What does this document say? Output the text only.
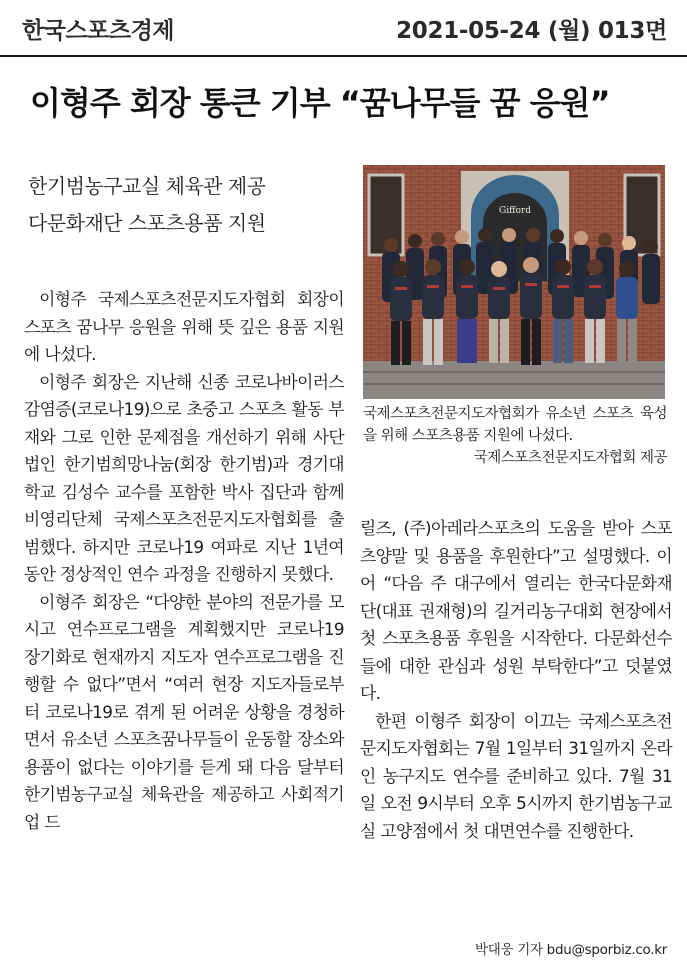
한국스포츠경제	2021-05-24 (월) 013면
이형주 회장 통큰 기부 “꿈나무들 꿈 응원”
한기범농구교실 체육관 제공
다문화재단 스포츠용품 지원

이형주 국제스포츠전문지도자협회 회장이 스포츠 꿈나무 응원을 위해 뜻 깊은 용품 지원에 나섰다.

이형주 회장은 지난해 신종 코로나바이러스 감염증(코로나19)으로 초중고 스포츠 활동 부재와 그로 인한 문제점을 개선하기 위해 사단법인 한기범희망나눔(회장 한기범)과 경기대학교 김성수 교수를 포함한 박사 집단과 함께 비영리단체 국제스포츠전문지도자협회를 출범했다. 하지만 코로나19 여파로 지난 1년여 동안 정상적인 연수 과정을 진행하지 못했다.

이형주 회장은 “다양한 분야의 전문가를 모시고 연수프로그램을 계획했지만 코로나19 장기화로 현재까지 지도자 연수프로그램을 진행할 수 없다”면서 “여러 현장 지도자들로부터 코로나19로 겪게 된 어려운 상황을 경청하면서 유소년 스포츠꿈나무들이 운동할 장소와 용품이 없다는 이야기를 듣게 돼 다음 달부터 한기범농구교실 체육관을 제공하고 사회적기업 드

Gifford
국제스포츠전문지도자협회가 유소년 스포츠 육성을 위해 스포츠용품 지원에 나섰다.
국제스포츠전문지도자협회 제공

릴즈, (주)아레라스포츠의 도움을 받아 스포츠양말 및 용품을 후원한다”고 설명했다. 이어 “다음 주 대구에서 열리는 한국다문화재단(대표 권재형)의 길거리농구대회 현장에서 첫 스포츠용품 후원을 시작한다. 다문화선수들에 대한 관심과 성원 부탁한다”고 덧붙였다.

한편 이형주 회장이 이끄는 국제스포츠전문지도자협회는 7월 1일부터 31일까지 온라인 농구지도 연수를 준비하고 있다. 7월 31일 오전 9시부터 오후 5시까지 한기범농구교실 고양점에서 첫 대면연수를 진행한다.

박대웅 기자 bdu@sporbiz.co.kr
